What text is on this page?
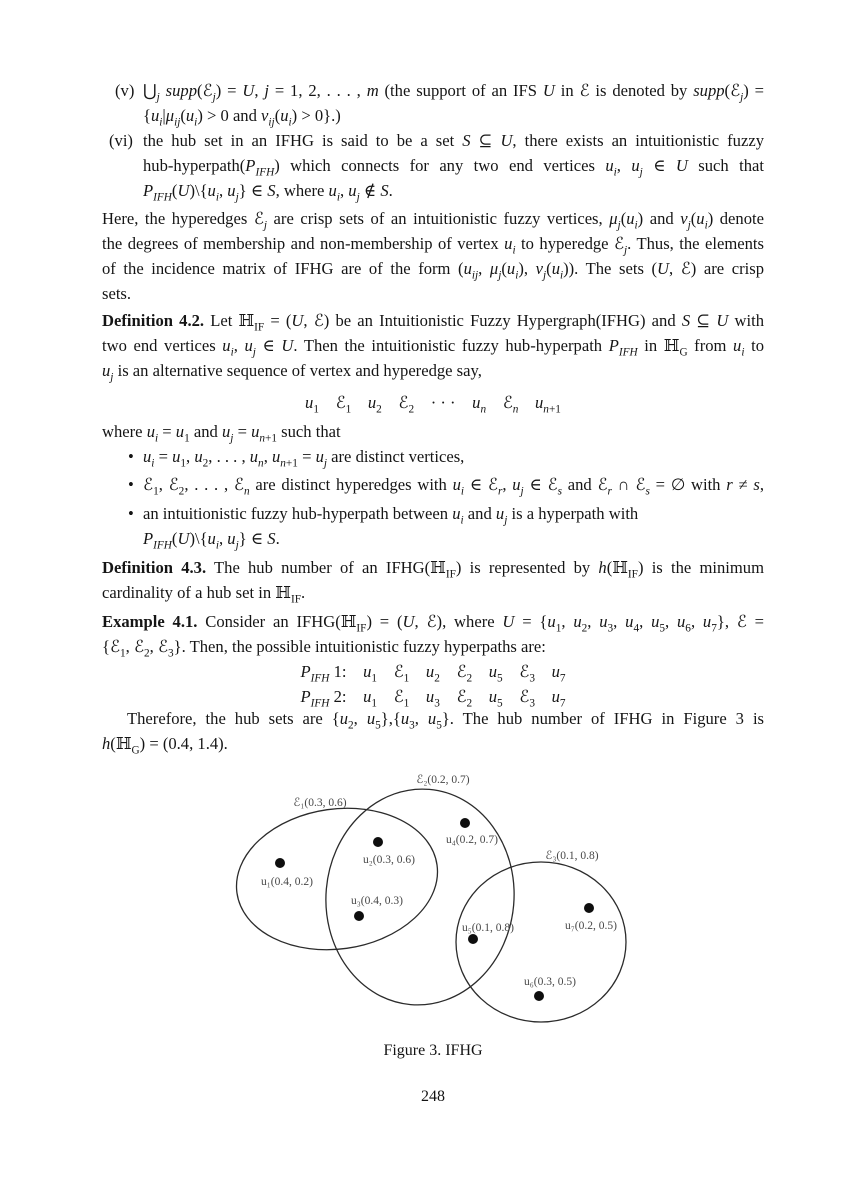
(v) $⋃_j$ supp(ℰ$_j$) = U, j = 1, 2, . . . , m (the support of an IFS U in ℰ is denoted by supp(ℰ$_j$) =
{$u_i|\mu_{ij}(u_i) > 0$ and $\nu_{ij}(u_i) > 0$}.)
(vi) the hub set in an IFHG is said to be a set S ⊆ U, there exists an intuitionistic fuzzy
hub-$hyperpath(P_{IFH})$ which connects for any two end vertices $u_i$, $u_j$ ∈ U such that
$P_{IFH}(U)\backslash\{u_i$, $u_j$} ∈ S, where $u_i$, $u_j$ ∉ S.
Here, the hyperedges ℰ$_j$ are crisp sets of an intuitionistic fuzzy vertices, $\mu_j(u_i)$ and $\nu_j(u_i)$ denote
the degrees of membership and non-membership of vertex $u_i$ to hyperedge ℰ$_j$. Thus, the elements
of the incidence matrix of IFHG are of the form ($u_{ij}$, $\mu_j(u_i)$, $\nu_j(u_i)$). The sets (U, ℰ) are crisp
sets.
Definition 4.2. Let ℍ$_{IF}$ = (U, ℰ) be an Intuitionistic Fuzzy Hypergraph(IFHG) and S ⊆ U with
two end vertices $u_i$, $u_j$ ∈ U. Then the intuitionistic fuzzy hub-hyperpath $P_{IFH}$ in ℍ$_G$ from $u_i$ to
$u_j$ is an alternative sequence of vertex and hyperedge say,
$u_1$ ℰ$_1$  $u_2$ ℰ$_2$ · · · $u_n$ ℰ$_n$  $u_{n+1}$
where $u_i = u_1$ and $u_j = u_{n+1}$ such that
• $u_i = u_1$, $u_2$, . . . , $u_n$, $u_{n+1} = u_j$ are distinct vertices,
• ℰ$_1$, ℰ$_2$, . . . , ℰ$_n$ are distinct hyperedges with $u_i$ ∈ ℰ$_r$, $u_j$ ∈ ℰ$_s$ and ℰ$_r$ ∩ ℰ$_s$ = ∅ with r ≠ s,
• an intuitionistic fuzzy hub-hyperpath between $u_i$ and $u_j$ is a hyperpath with
$P_{IFH}(U)\backslash\{u_i$, $u_j$} ∈ S.
Definition 4.3. The hub number of an IFHG(ℍ$_{IF}$) is represented by h(ℍ$_{IF}$) is the minimum
cardinality of a hub set in ℍ$_{IF}$.
Example 4.1. Consider an IFHG(ℍ$_{IF}$) = (U, ℰ), where $U = \{u_1$, $u_2$, $u_3$, $u_4$, $u_5$, $u_6$, $u_7$}, ℰ =
{ℰ$_1$, ℰ$_2$, ℰ$_3$}. Then, the possible intuitionistic fuzzy hyperpaths are:
$P_{IFH}$ 1: $u_1$ ℰ$_1$  $u_2$ ℰ$_2$  $u_5$ ℰ$_3$  $u_7$
$P_{IFH}$ 2: $u_1$ ℰ$_1$  $u_3$ ℰ$_2$  $u_5$ ℰ$_3$  $u_7$
Therefore, the hub sets are {$u_2$, $u_5\},\{u_3$, $u_5$}. The hub number of IFHG in Figure 3 is
h(ℍ$_G$) = (0.4, 1.4).
ℰ₁(0.3, 0.6)
ℰ₂(0.2, 0.7)
ℰ₃(0.1, 0.8)
u₁(0.4, 0.2)
u₂(0.3, 0.6)
u₃(0.4, 0.3)
u₄(0.2, 0.7)
u₅(0.1, 0.8)
u₆(0.3, 0.5)
u₇(0.2, 0.5)
Figure 3. IFHG
248
